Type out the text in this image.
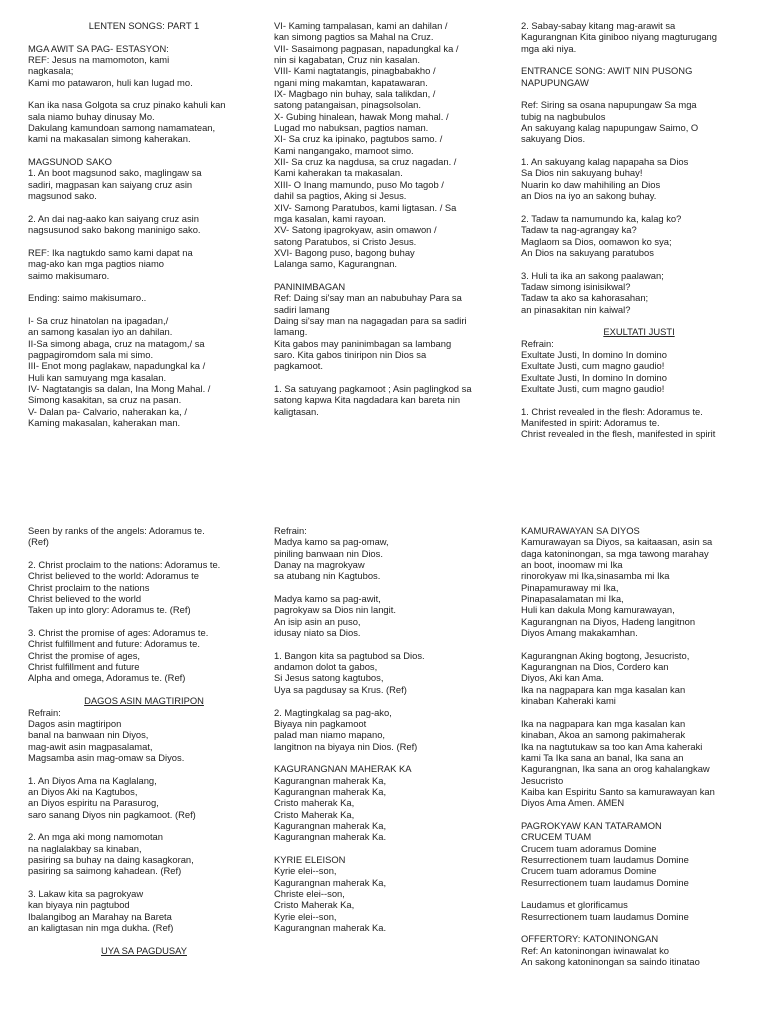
LENTEN SONGS: PART 1
MGA AWIT SA PAG- ESTASYON:
REF: Jesus na mamomoton, kami
nagkasala;
Kami mo patawaron, huli kan lugad mo.
Kan ika nasa Golgota sa cruz pinako kahuli kan
sala niamo buhay dinusay Mo.
Dakulang kamundoan samong namamatean,
kami na makasalan simong kaherakan.
MAGSUNOD SAKO
1. An boot magsunod sako, maglingaw sa
sadiri, magpasan kan saiyang cruz asin
magsunod sako.
2. An dai nag-aako kan saiyang cruz asin
nagsusunod sako bakong maninigo sako.
REF: Ika nagtukdo samo kami dapat na
mag-ako kan mga pagtios niamo
saimo makisumaro.
Ending: saimo makisumaro..
I- Sa cruz hinatolan na ipagadan,/
an samong kasalan iyo an dahilan.
II-Sa simong abaga, cruz na matagom,/ sa
pagpagiromdom sala mi simo.
III- Enot mong paglakaw, napadungkal ka /
Huli kan samuyang mga kasalan.
IV- Nagtatangis sa dalan, Ina Mong Mahal. /
Simong kasakitan, sa cruz na pasan.
V- Dalan pa- Calvario, naherakan ka, /
Kaming makasalan, kaherakan man.
VI- Kaming tampalasan, kami an dahilan /
kan simong pagtios sa Mahal na Cruz.
VII- Sasaimong pagpasan, napadungkal ka /
nin si kagabatan, Cruz nin kasalan.
VIII- Kami nagtatangis, pinagbabakho /
ngani ming makamtan, kapatawaran.
IX- Magbago nin buhay, sala talikdan, /
satong patangaisan, pinagsolsolan.
X- Gubing hinalean, hawak Mong mahal. /
Lugad mo nabuksan, pagtios naman.
XI- Sa cruz ka ipinako, pagtubos samo. /
Kami nangangako, mamoot simo.
XII- Sa cruz ka nagdusa, sa cruz nagadan. /
Kami kaherakan ta makasalan.
XIII- O Inang mamundo, puso Mo tagob /
dahil sa pagtios, Aking si Jesus.
XIV- Samong Paratubos, kami ligtasan. / Sa
mga kasalan, kami rayoan.
XV- Satong ipagrokyaw, asin omawon /
satong Paratubos, si Cristo Jesus.
XVI- Bagong puso, bagong buhay
Lalanga samo, Kagurangnan.
PANINIMBAGAN
Ref: Daing si'say man an nabubuhay Para sa
sadiri lamang
Daing si'say man na nagagadan para sa sadiri
lamang.
Kita gabos may paninimbagan sa lambang
saro. Kita gabos tiniripon nin Dios sa
pagkamoot.
1. Sa satuyang pagkamoot ; Asin paglingkod sa
satong kapwa Kita nagdadara kan bareta nin
kaligtasan.
2. Sabay-sabay kitang mag-arawit sa
Kagurangnan Kita giniboo niyang magturugang
mga aki niya.
ENTRANCE SONG: AWIT NIN PUSONG
NAPUPUNGAW
Ref: Siring sa osana napupungaw Sa mga
tubig na nagbubulos
An sakuyang kalag napupungaw Saimo, O
sakuyang Dios.
1. An sakuyang kalag napapaha sa Dios
Sa Dios nin sakuyang buhay!
Nuarin ko daw mahihiling an Dios
an Dios na iyo an sakong buhay.
2. Tadaw ta namumundo ka, kalag ko?
Tadaw ta nag-agrangay ka?
Maglaom sa Dios, oomawon ko sya;
An Dios na sakuyang paratubos
3. Huli ta ika an sakong paalawan;
Tadaw simong isinisikwal?
Tadaw ta ako sa kahorasahan;
an pinasakitan nin kaiwal?
EXULTATI JUSTI
Refrain:
Exultate Justi, In domino In domino
Exultate Justi, cum magno gaudio!
Exultate Justi, In domino In domino
Exultate Justi, cum magno gaudio!
1. Christ revealed in the flesh: Adoramus te.
Manifested in spirit: Adoramus te.
Christ revealed in the flesh, manifested in spirit
Seen by ranks of the angels: Adoramus te.
(Ref)
2. Christ proclaim to the nations: Adoramus te.
Christ believed to the world: Adoramus te
Christ proclaim to the nations
Christ believed to the world
Taken up into glory: Adoramus te. (Ref)
3. Christ the promise of ages: Adoramus te.
Christ fulfillment and future: Adoramus te.
Christ the promise of ages,
Christ fulfillment and future
Alpha and omega, Adoramus te. (Ref)
DAGOS ASIN MAGTIRIPON
Refrain:
Dagos asin magtiripon
banal na banwaan nin Diyos,
mag-awit asin magpasalamat,
Magsamba asin mag-omaw sa Diyos.
1. An Diyos Ama na Kaglalang,
an Diyos Aki na Kagtubos,
an Diyos espiritu na Parasurog,
saro sanang Diyos nin pagkamoot. (Ref)
2. An mga aki mong namomotan
na naglalakbay sa kinaban,
pasiring sa buhay na daing kasagkoran,
pasiring sa saimong kahadean. (Ref)
3. Lakaw kita sa pagrokyaw
kan biyaya nin pagtubod
Ibalangibog an Marahay na Bareta
an kaligtasan nin mga dukha. (Ref)
UYA SA PAGDUSAY
Refrain:
Madya kamo sa pag-omaw,
piniling banwaan nin Dios.
Danay na magrokyaw
sa atubang nin Kagtubos.
Madya kamo sa pag-awit,
pagrokyaw sa Dios nin langit.
An isip asin an puso,
idusay niato sa Dios.
1. Bangon kita sa pagtubod sa Dios.
andamon dolot ta gabos,
Si Jesus satong kagtubos,
Uya sa pagdusay sa Krus. (Ref)
2. Magtingkalag sa pag-ako,
Biyaya nin pagkamoot
palad man niamo mapano,
langitnon na biyaya nin Dios. (Ref)
KAGURANGNAN MAHERAK KA
Kagurangnan maherak Ka,
Kagurangnan maherak Ka,
Cristo maherak Ka,
Cristo Maherak Ka,
Kagurangnan maherak Ka,
Kagurangnan maherak Ka.
KYRIE ELEISON
Kyrie elei--son,
Kagurangnan maherak Ka,
Christe elei--son,
Cristo Maherak Ka,
Kyrie elei--son,
Kagurangnan maherak Ka.
KAMURAWAYAN SA DIYOS
Kamurawayan sa Diyos, sa kaitaasan, asin sa
daga katoninongan, sa mga tawong marahay
an boot, inoomaw mi Ika
rinorokyaw mi Ika,sinasamba mi Ika
Pinapamuraway mi Ika,
Pinapasalamatan mi Ika,
Huli kan dakula Mong kamurawayan,
Kagurangnan na Diyos, Hadeng langitnon
Diyos Amang makakamhan.
Kagurangnan Aking bogtong, Jesucristo,
Kagurangnan na Dios, Cordero kan
Diyos, Aki kan Ama.
Ika na nagpapara kan mga kasalan kan
kinaban Kaheraki kami
Ika na nagpapara kan mga kasalan kan
kinaban, Akoa an samong pakimaherak
Ika na nagtutukaw sa too kan Ama kaheraki
kami Ta Ika sana an banal, Ika sana an
Kagurangnan, Ika sana an orog kahalangkaw
Jesucristo
Kaiba kan Espiritu Santo sa kamurawayan kan
Diyos Ama Amen. AMEN
PAGROKYAW KAN TATARAMON
CRUCEM TUAM
Crucem tuam adoramus Domine
Resurrectionem tuam laudamus Domine
Crucem tuam adoramus Domine
Resurrectionem tuam laudamus Domine
Laudamus et glorificamus
Resurrectionem tuam laudamus Domine
OFFERTORY: KATONINONGAN
Ref: An katoninongan iwinawalat ko
An sakong katoninongan sa saindo itinatao
